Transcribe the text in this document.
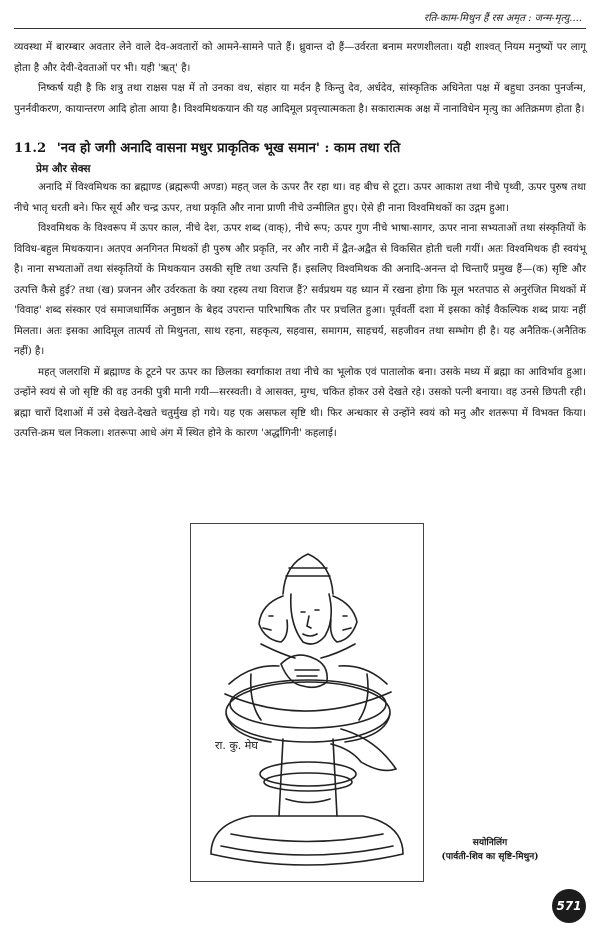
रति-काम-मिथुन हैं रस अमृत : जन्म-मृत्यु....

व्यवस्था में बारम्बार अवतार लेने वाले देव-अवतारों को आमने-सामने पाते हैं। ध्रुवान्त दो हैं—उर्वरता बनाम मरणशीलता। यही शाश्वत् नियम मनुष्यों पर लागू होता है और देवी-देवताओं पर भी। यही 'ऋत्' है।

निष्कर्ष यही है कि शत्रु तथा राक्षस पक्ष में तो उनका वध, संहार या मर्दन है किन्तु देव, अर्धदेव, सांस्कृतिक अधिनेता पक्ष में बहुधा उनका पुनर्जन्म, पुनर्नवीकरण, कायान्तरण आदि होता आया है। विश्वमिथकयान की यह आदिमूल प्रवृत्त्यात्मकता है। सकारात्मक अक्ष में नानाविधेन मृत्यु का अतिक्रमण होता है।

11.2 'नव हो जगी अनादि वासना मधुर प्राकृतिक भूख समान' : काम तथा रति
प्रेम और सेक्स

अनादि में विश्वमिथक का ब्रह्माण्ड (ब्रह्मरूपी अण्डा) महत् जल के ऊपर तैर रहा था। वह बीच से टूटा। ऊपर आकाश तथा नीचे पृथ्वी, ऊपर पुरुष तथा नीचे भातृ धरती बने। फिर सूर्य और चन्द्र ऊपर, तथा प्रकृति और नाना प्राणी नीचे उन्मीलित हुए। ऐसे ही नाना विश्वमिथकों का उद्गम हुआ।

विश्वमिथक के विश्वरूप में ऊपर काल, नीचे देश, ऊपर शब्द (वाक्), नीचे रूप; ऊपर गुण नीचे भाषा-सागर, ऊपर नाना सभ्यताओं तथा संस्कृतियों के विविध-बहुल मिथकयान। अतएव अनगिनत मिथकों ही पुरुष और प्रकृति, नर और नारी में द्वैत-अद्वैत से विकसित होती चली गयीं। अतः विश्वमिथक ही स्वयंभू है। नाना सभ्यताओं तथा संस्कृतियों के मिथकयान उसकी सृष्टि तथा उत्पत्ति हैं। इसलिए विश्वमिथक की अनादि-अनन्त दो चिन्ताएँ प्रमुख हैं—(क) सृष्टि और उत्पत्ति कैसे हुई? तथा (ख) प्रजनन और उर्वरकता के क्या रहस्य तथा विराज हैं? सर्वप्रथम यह ध्यान में रखना होगा कि मूल भरतपाठ से अनुरंजित मिथकों में 'विवाह' शब्द संस्कार एवं समाजधार्मिक अनुष्ठान के बेहद उपरान्त पारिभाषिक तौर पर प्रचलित हुआ। पूर्ववर्ती दशा में इसका कोई वैकल्पिक शब्द प्रायः नहीं मिलता। अतः इसका आदिमूल तात्पर्य तो मिथुनता, साथ रहना, सहकृत्य, सहवास, समागम, साहचर्य, सहजीवन तथा सम्भोग ही है। यह अनैतिक-(अनैतिक नहीं) है।

महत् जलराशि में ब्रह्माण्ड के टूटने पर ऊपर का छिलका स्वर्गाकाश तथा नीचे का भूलोक एवं पातालोक बना। उसके मध्य में ब्रह्मा का आविर्भाव हुआ। उन्होंने स्वयं से जो सृष्टि की वह उनकी पुत्री मानी गयी—सरस्वती। वे आसक्त, मुग्ध, चकित होकर उसे देखते रहे। उसको पत्नी बनाया। वह उनसे छिपती रही। ब्रह्मा चारों दिशाओं में उसे देखते-देखते चतुर्मुख हो गये। यह एक असफल सृष्टि थी। फिर अन्धकार से उन्होंने स्वयं को मनु और शतरूपा में विभक्त किया। उत्पत्ति-क्रम चल निकला। शतरूपा आधे अंग में स्थित होने के कारण 'अर्द्धांगिनी' कहलाई।

रा. कु. मेघ
सयोनिलिंग
(पार्वती-शिव का सृष्टि-मिथुन)
571
